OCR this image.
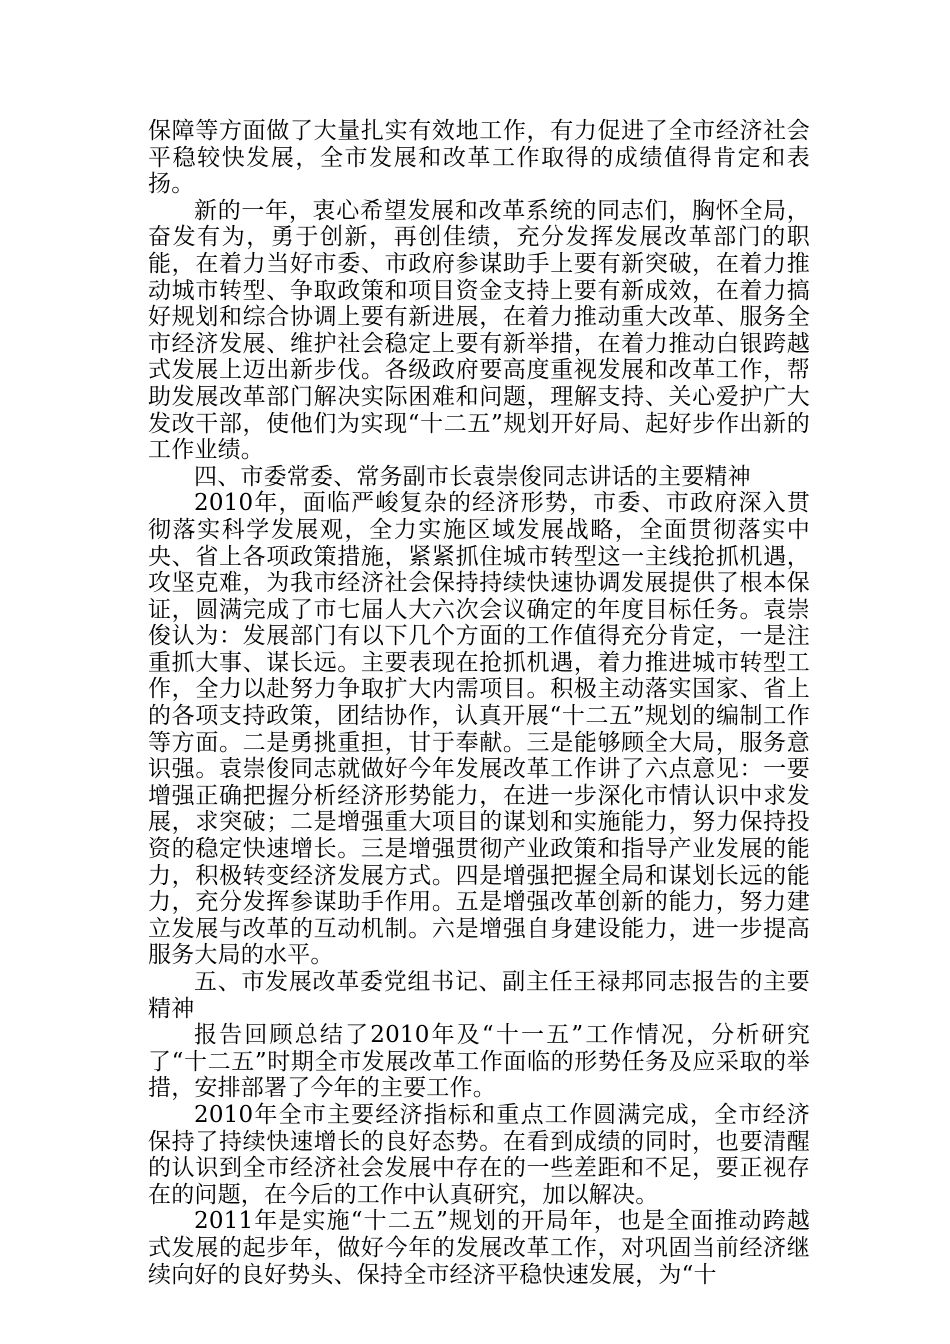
保障等方面做了大量扎实有效地工作，有力促进了全市经济社会平稳较快发展，全市发展和改革工作取得的成绩值得肯定和表扬。

新的一年，衷心希望发展和改革系统的同志们，胸怀全局，奋发有为，勇于创新，再创佳绩，充分发挥发展改革部门的职能，在着力当好市委、市政府参谋助手上要有新突破，在着力推动城市转型、争取政策和项目资金支持上要有新成效，在着力搞好规划和综合协调上要有新进展，在着力推动重大改革、服务全市经济发展、维护社会稳定上要有新举措，在着力推动白银跨越式发展上迈出新步伐。各级政府要高度重视发展和改革工作，帮助发展改革部门解决实际困难和问题，理解支持、关心爱护广大发改干部，使他们为实现“十二五”规划开好局、起好步作出新的工作业绩。

四、市委常委、常务副市长袁崇俊同志讲话的主要精神

2010年，面临严峻复杂的经济形势，市委、市政府深入贯彻落实科学发展观，全力实施区域发展战略，全面贯彻落实中央、省上各项政策措施，紧紧抓住城市转型这一主线抢抓机遇，攻坚克难，为我市经济社会保持持续快速协调发展提供了根本保证，圆满完成了市七届人大六次会议确定的年度目标任务。袁崇俊认为：发展部门有以下几个方面的工作值得充分肯定，一是注重抓大事、谋长远。主要表现在抢抓机遇，着力推进城市转型工作，全力以赴努力争取扩大内需项目。积极主动落实国家、省上的各项支持政策，团结协作，认真开展“十二五”规划的编制工作等方面。二是勇挑重担，甘于奉献。三是能够顾全大局，服务意识强。袁崇俊同志就做好今年发展改革工作讲了六点意见：一要增强正确把握分析经济形势能力，在进一步深化市情认识中求发展，求突破；二是增强重大项目的谋划和实施能力，努力保持投资的稳定快速增长。三是增强贯彻产业政策和指导产业发展的能力，积极转变经济发展方式。四是增强把握全局和谋划长远的能力，充分发挥参谋助手作用。五是增强改革创新的能力，努力建立发展与改革的互动机制。六是增强自身建设能力，进一步提高服务大局的水平。

五、市发展改革委党组书记、副主任王禄邦同志报告的主要精神

报告回顾总结了2010年及“十一五”工作情况，分析研究了“十二五”时期全市发展改革工作面临的形势任务及应采取的举措，安排部署了今年的主要工作。

2010年全市主要经济指标和重点工作圆满完成，全市经济保持了持续快速增长的良好态势。在看到成绩的同时，也要清醒的认识到全市经济社会发展中存在的一些差距和不足，要正视存在的问题，在今后的工作中认真研究，加以解决。

2011年是实施“十二五”规划的开局年，也是全面推动跨越式发展的起步年，做好今年的发展改革工作，对巩固当前经济继续向好的良好势头、保持全市经济平稳快速发展，为“十
